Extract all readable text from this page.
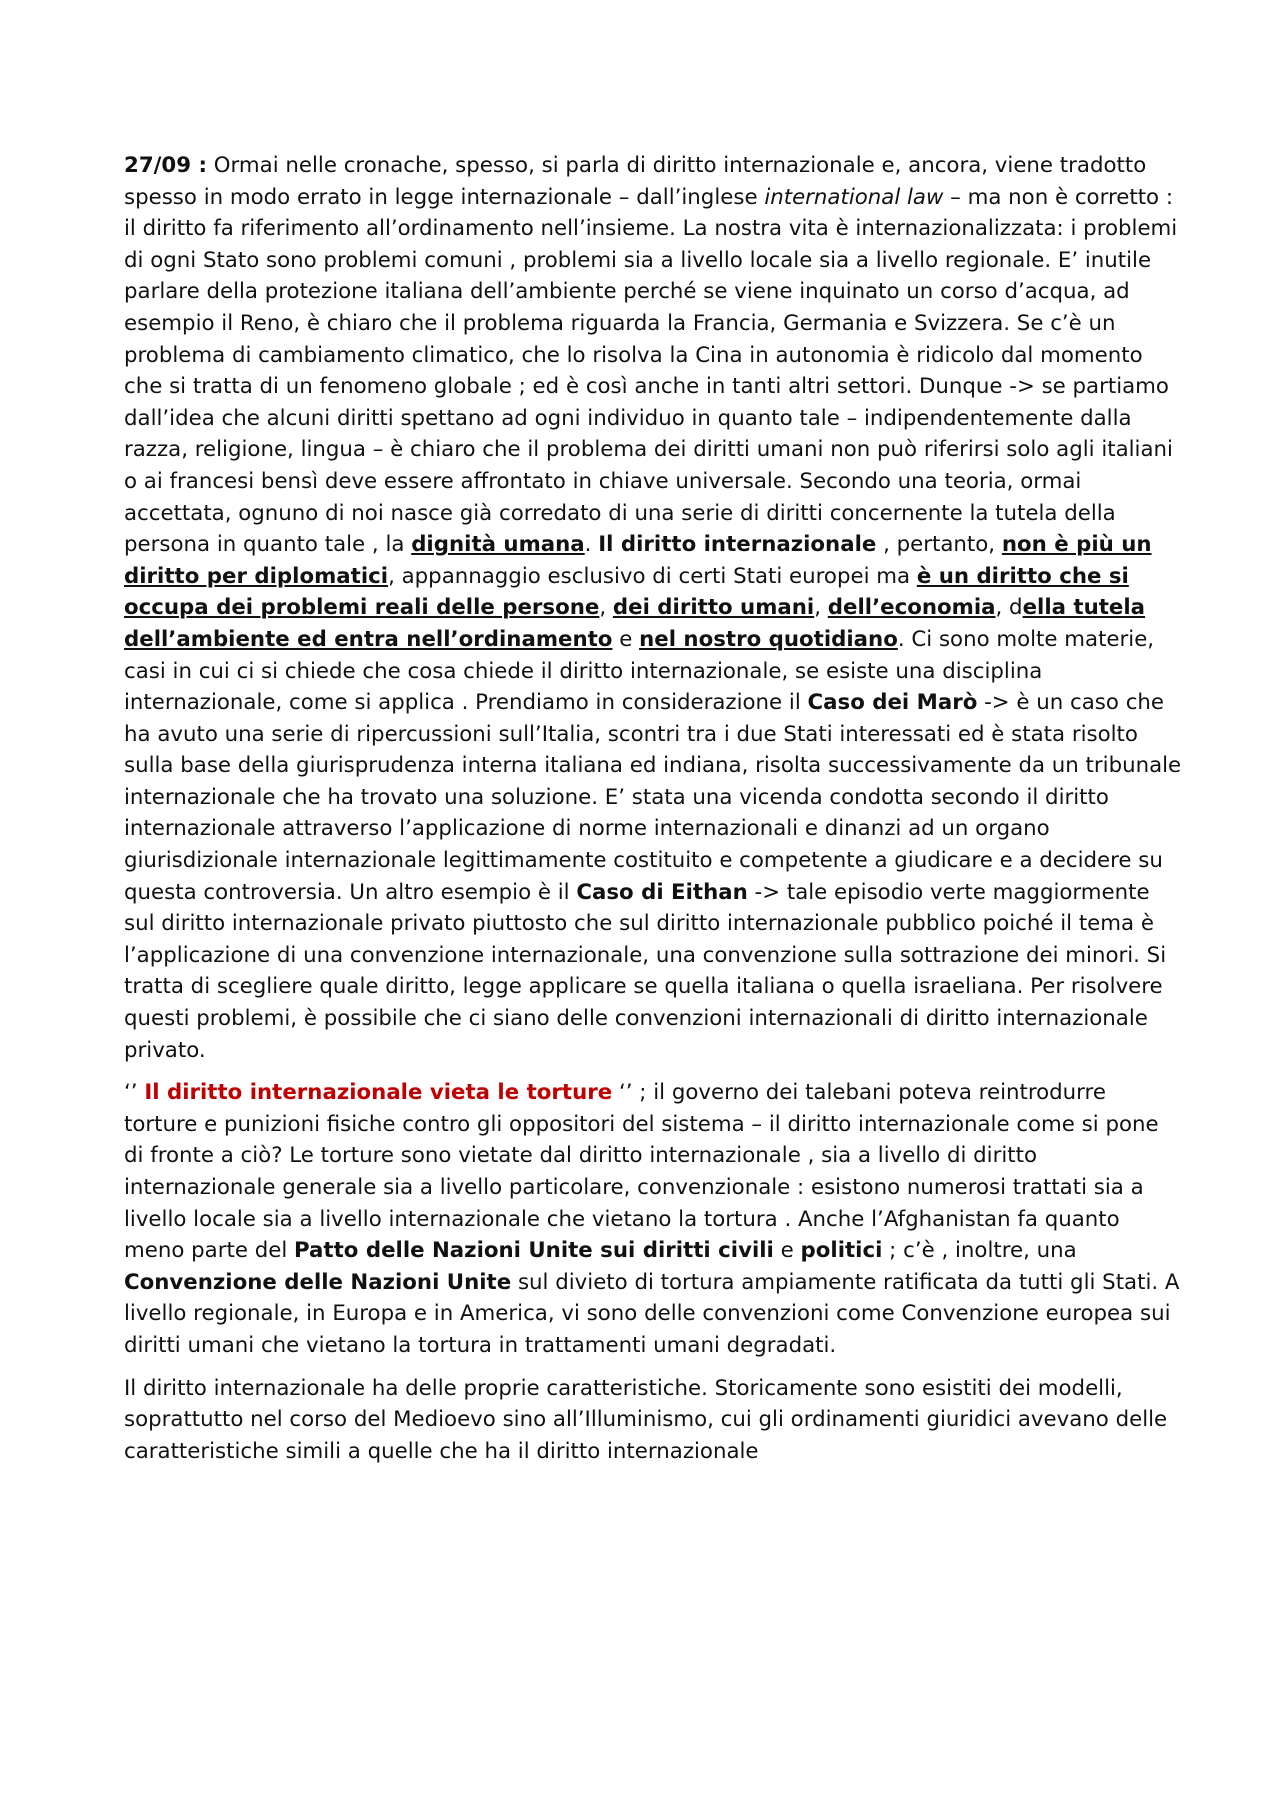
27/09 : Ormai nelle cronache, spesso, si parla di diritto internazionale e, ancora, viene tradotto spesso in modo errato in legge internazionale – dall’inglese international law – ma non è corretto : il diritto fa riferimento all’ordinamento nell’insieme. La nostra vita è internazionalizzata: i problemi di ogni Stato sono problemi comuni , problemi sia a livello locale sia a livello regionale. E’ inutile parlare della protezione italiana dell’ambiente perché se viene inquinato un corso d’acqua, ad esempio il Reno, è chiaro che il problema riguarda la Francia, Germania e Svizzera. Se c’è un problema di cambiamento climatico, che lo risolva la Cina in autonomia è ridicolo dal momento che si tratta di un fenomeno globale ; ed è così anche in tanti altri settori. Dunque -> se partiamo dall’idea che alcuni diritti spettano ad ogni individuo in quanto tale – indipendentemente dalla razza, religione, lingua – è chiaro che il problema dei diritti umani non può riferirsi solo agli italiani o ai francesi bensì deve essere affrontato in chiave universale. Secondo una teoria, ormai accettata, ognuno di noi nasce già corredato di una serie di diritti concernente la tutela della persona in quanto tale , la dignità umana. Il diritto internazionale , pertanto, non è più un diritto per diplomatici, appannaggio esclusivo di certi Stati europei ma è un diritto che si occupa dei problemi reali delle persone, dei diritto umani, dell’economia, della tutela dell’ambiente ed entra nell’ordinamento e nel nostro quotidiano. Ci sono molte materie, casi in cui ci si chiede che cosa chiede il diritto internazionale, se esiste una disciplina internazionale, come si applica . Prendiamo in considerazione il Caso dei Marò -> è un caso che ha avuto una serie di ripercussioni sull’Italia, scontri tra i due Stati interessati ed è stata risolto sulla base della giurisprudenza interna italiana ed indiana, risolta successivamente da un tribunale internazionale che ha trovato una soluzione. E’ stata una vicenda condotta secondo il diritto internazionale attraverso l’applicazione di norme internazionali e dinanzi ad un organo giurisdizionale internazionale legittimamente costituito e competente a giudicare e a decidere su questa controversia. Un altro esempio è il Caso di Eithan -> tale episodio verte maggiormente sul diritto internazionale privato piuttosto che sul diritto internazionale pubblico poiché il tema è l’applicazione di una convenzione internazionale, una convenzione sulla sottrazione dei minori. Si tratta di scegliere quale diritto, legge applicare se quella italiana o quella israeliana. Per risolvere questi problemi, è possibile che ci siano delle convenzioni internazionali di diritto internazionale privato.

‘’ Il diritto internazionale vieta le torture ‘’ ; il governo dei talebani poteva reintrodurre torture e punizioni fisiche contro gli oppositori del sistema – il diritto internazionale come si pone di fronte a ciò? Le torture sono vietate dal diritto internazionale , sia a livello di diritto internazionale generale sia a livello particolare, convenzionale : esistono numerosi trattati sia a livello locale sia a livello internazionale che vietano la tortura . Anche l’Afghanistan fa quanto meno parte del Patto delle Nazioni Unite sui diritti civili e politici ; c’è , inoltre, una Convenzione delle Nazioni Unite sul divieto di tortura ampiamente ratificata da tutti gli Stati. A livello regionale, in Europa e in America, vi sono delle convenzioni come Convenzione europea sui diritti umani che vietano la tortura in trattamenti umani degradati.

Il diritto internazionale ha delle proprie caratteristiche. Storicamente sono esistiti dei modelli, soprattutto nel corso del Medioevo sino all’Illuminismo, cui gli ordinamenti giuridici avevano delle caratteristiche simili a quelle che ha il diritto internazionale
